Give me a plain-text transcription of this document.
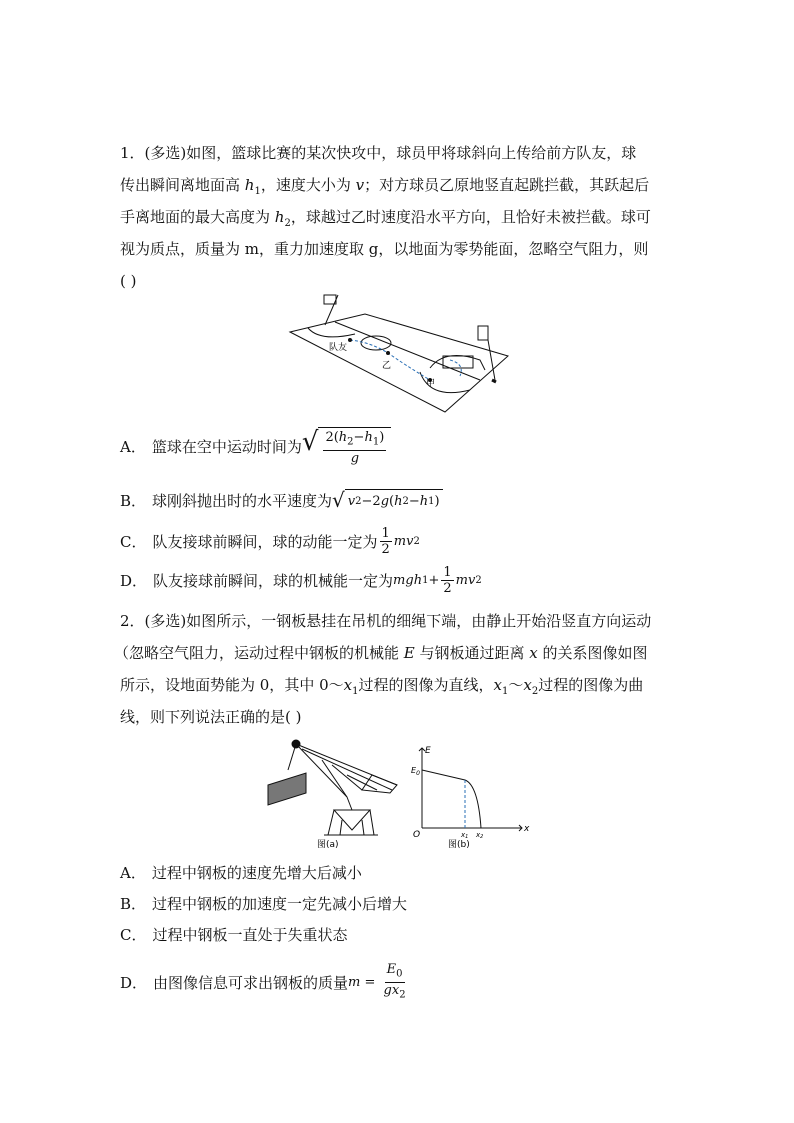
1．(多选)如图，篮球比赛的某次快攻中，球员甲将球斜向上传给前方队友，球
传出瞬间离地面高 $h_1$，速度大小为 v；对方球员乙原地竖直起跳拦截，其跃起后
手离地面的最大高度为 $h_2$，球越过乙时速度沿水平方向，且恰好未被拦截。球可
视为质点，质量为 m，重力加速度取 g，以地面为零势能面，忽略空气阻力，则
( )
队友
乙
甲
A． 篮球在空中运动时间为 √ $\frac{2(h_2-h_1)}{g}$
B． 球刚斜抛出时的水平速度为 √ v 2 −2 g ( h 2 − h 1 )
C． 队友接球前瞬间，球的动能一定为 $\frac{1}{2}$ mv 2
D． 队友接球前瞬间，球的机械能一定为 mgh $1 + \frac{1}{2}$ mv 2
2．(多选)如图所示，一钢板悬挂在吊机的细绳下端，由静止开始沿竖直方向运动
（忽略空气阻力，运动过程中钢板的机械能 E 与钢板通过距离 x 的关系图像如图
所示，设地面势能为 0，其中 $0\sim x_1$过程的图像为直线，$x_1\sim x_2$过程的图像为曲
线，则下列说法正确的是( )
图(a)
E
x
$E_0$
O	x1 x2
图(b)
A． 过程中钢板的速度先增大后减小
B． 过程中钢板的加速度一定先减小后增大
C． 过程中钢板一直处于失重状态
D． 由图像信息可求出钢板的质量 $m = \frac{E_0}{gx_2}$
